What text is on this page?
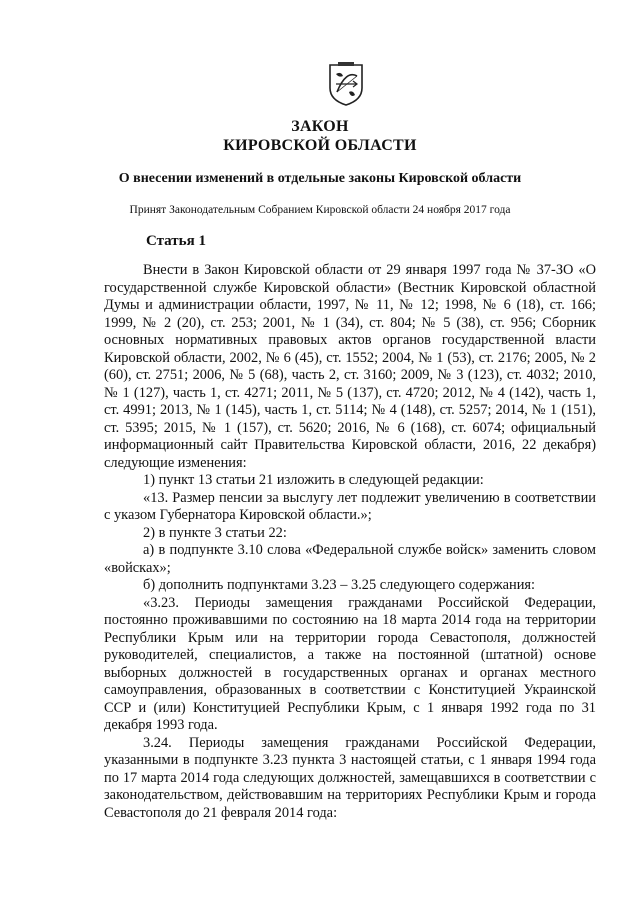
ЗАКОН
КИРОВСКОЙ ОБЛАСТИ
О внесении изменений в отдельные законы Кировской области
Принят Законодательным Собранием Кировской области 24 ноября 2017 года
Статья 1

Внести в Закон Кировской области от 29 января 1997 года № 37-ЗО «О государственной службе Кировской области» (Вестник Кировской областной Думы и администрации области, 1997, № 11, № 12; 1998, № 6 (18), ст. 166; 1999, № 2 (20), ст. 253; 2001, № 1 (34), ст. 804; № 5 (38), ст. 956; Сборник основных нормативных правовых актов органов государственной власти Кировской области, 2002, № 6 (45), ст. 1552; 2004, № 1 (53), ст. 2176; 2005, № 2 (60), ст. 2751; 2006, № 5 (68), часть 2, ст. 3160; 2009, № 3 (123), ст. 4032; 2010, № 1 (127), часть 1, ст. 4271; 2011, № 5 (137), ст. 4720; 2012, № 4 (142), часть 1, ст. 4991; 2013, № 1 (145), часть 1, ст. 5114; № 4 (148), ст. 5257; 2014, № 1 (151), ст. 5395; 2015, № 1 (157), ст. 5620; 2016, № 6 (168), ст. 6074; официальный информационный сайт Правительства Кировской области, 2016, 22 декабря) следующие изменения:

1) пункт 13 статьи 21 изложить в следующей редакции:

«13. Размер пенсии за выслугу лет подлежит увеличению в соответствии с указом Губернатора Кировской области.»;

2) в пункте 3 статьи 22:

а) в подпункте 3.10 слова «Федеральной службе войск» заменить словом «войсках»;

б) дополнить подпунктами 3.23 – 3.25 следующего содержания:

«3.23. Периоды замещения гражданами Российской Федерации, постоянно проживавшими по состоянию на 18 марта 2014 года на территории Республики Крым или на территории города Севастополя, должностей руководителей, специалистов, а также на постоянной (штатной) основе выборных должностей в государственных органах и органах местного самоуправления, образованных в соответствии с Конституцией Украинской ССР и (или) Конституцией Республики Крым, с 1 января 1992 года по 31 декабря 1993 года.

3.24. Периоды замещения гражданами Российской Федерации, указанными в подпункте 3.23 пункта 3 настоящей статьи, с 1 января 1994 года по 17 марта 2014 года следующих должностей, замещавшихся в соответствии с законодательством, действовавшим на территориях Республики Крым и города Севастополя до 21 февраля 2014 года:
